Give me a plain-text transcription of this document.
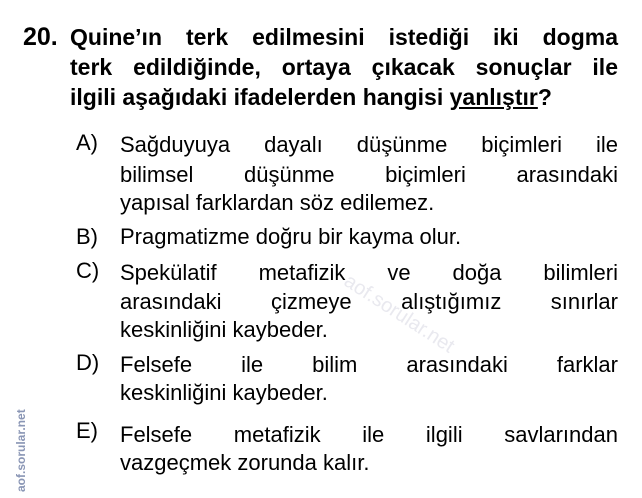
20. Quine’ın terk edilmesini istediği iki dogma
terk edildiğinde, ortaya çıkacak sonuçlar ile
ilgili aşağıdaki ifadelerden hangisi yanlıştır?
A) Sağduyuya dayalı düşünme biçimleri ile
bilimsel düşünme biçimleri arasındaki
yapısal farklardan söz edilemez.
B) Pragmatizme doğru bir kayma olur.
C) Spekülatif metafizik ve doğa bilimleri
arasındaki çizmeye alıştığımız sınırlar
keskinliğini kaybeder.
D) Felsefe ile bilim arasındaki farklar
keskinliğini kaybeder.
E) Felsefe metafizik ile ilgili savlarından
vazgeçmek zorunda kalır.
aof.sorular.net
aof.sorular.net
